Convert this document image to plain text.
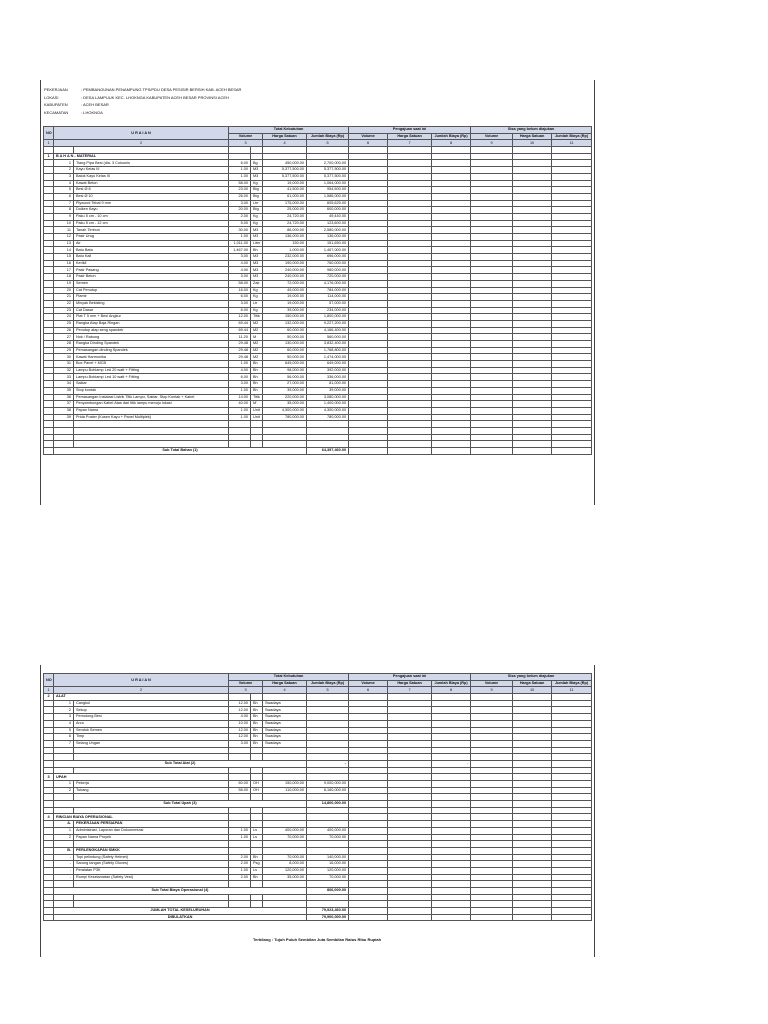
PEKERJAAN	: PEMBANGUNAN PENAMPUNG TPS/PDU DESA PESISIR BERSIH KAB. ACEH BESAR
LOKASI	: DESA LAMPUUK KEC. LHOKNGA KABUPATEN ACEH BESAR PROVINSI ACEH
KABUPATEN	: ACEH BESAR
KECAMATAN	: LHOKNGA
NO	U R A I A N		Total Kebutuhan				Pengajuan saat ini			Sisa yang belum diajukan		
			Volume		Harga Satuan	Jumlah Biaya (Rp)	Volume	Harga Satuan	Jumlah Biaya (Rp)	Volume	Harga Satuan	Jumlah Biaya (Rp)
1	2		3		4	5	6	7	8	9	10	11

1	B A H A N - MATERIAL											
	1	Tiang Pipa Besi (dia. 3 Colounis	6.00	Bg	450,000.00	2,700,000.00						
	2	Kayu Kelas III	1.00	M3	5,377,500.00	5,377,500.00						
	3	Balok Kayu Kelas III	1.00	M3	5,377,500.00	5,377,500.00						
	4	Kawat Beton	58.00	Kg	19,000.00	1,064,000.00						
	5	Besi Ø 8	23.00	Btg	41,500.00	954,500.00						
	6	Besi Ø 10	26.00	Btg	61,000.00	1,586,000.00						
	7	Plywood Tebal 9 mm	3.00	Lbr	175,000.00	605,625.00						
	8	Dolken Kayu	20.00	Btg	25,000.00	600,000.00						
	9	Paku 5 cm - 10 cm	2.00	Kg	24,720.00	49,440.00						
	10	Paku 5 cm - 12 cm	5.00	Kg	24,720.00	123,600.00						
	11	Tanah Timbun	30.00	M3	86,000.00	2,580,000.00						
	12	Pasir Urug	1.00	M3	136,000.00	136,000.00						
	13	Air	1,011.00	Liter	150.00	151,650.00						
	14	Batu Bata	1,467.00	Bh	1,000.00	1,467,000.00						
	15	Batu Kali	3.00	M3	232,000.00	696,000.00						
	16	Kerikil	4.00	M3	190,000.00	760,000.00						
	17	Pasir Pasang	4.00	M3	240,000.00	960,000.00						
	18	Pasir Beton	3.00	M3	240,000.00	720,000.00						
	19	Semen	58.00	Zak	72,000.00	4,176,000.00						
	20	Cat Penutup	16.00	Kg	49,000.00	784,000.00						
	21	Plamir	6.00	Kg	19,000.00	114,000.00						
	22	Minyak Bekisting	3.00	Ltr	19,000.00	57,000.00						
	23	Cat Dasar	6.00	Kg	39,000.00	234,000.00						
	24	Plat T 5 mm + Besi Angkur	12.00	Titik	150,000.00	1,800,000.00						
	25	Rangka Atap Baja Ringan	69.44	M2	132,000.00	9,227,200.00						
	26	Penutup atap seng spandek	69.44	M2	60,000.00	4,166,400.00						
	27	Nok / Rabung	11.20	M	50,000.00	560,000.00						
	28	Rangka Dinding Spandek	29.48	M2	130,000.00	3,832,400.00						
	29	Pemasangan dinding Spandek	29.48	M2	60,000.00	1,768,800.00						
	30	Kawat Harmonika	29.48	M2	50,000.00	1,474,000.00						
	31	Box Panel + MCB	1.00	Bh	649,000.00	649,000.00						
	32	Lampu Bohlamp Led 20 watt + Fitting	4.00	Bh	98,000.00	392,000.00						
	33	Lampu Bohlamp Led 10 watt + Fitting	6.00	Bh	56,000.00	336,000.00						
	34	Saklar	3.00	Bh	27,000.00	81,000.00						
	35	Stop kontak	1.00	Bh	39,000.00	39,000.00						
	36	Pemasangan Instalasi Listrik Titik Lampu, Saklar, Stop Kontak + Kabel	14.00	Titik	220,000.00	3,080,000.00						
	37	Penyambungan Kabel Atas dari titik lampu menuju lokasi	40.00	M'	35,000.00	1,400,000.00						
	38	Papan Nama	1.00	Unit	4,300,000.00	4,300,000.00						
	39	Prida Poster (Kusen Kayu + Panel Multiplek)	1.00	Unit	780,000.00	780,000.00						

	Sub Total Bahan (1)					64,397,460.00						
NO	U R A I A N		Total Kebutuhan				Pengajuan saat ini			Sisa yang belum diajukan		
			Volume		Harga Satuan	Jumlah Biaya (Rp)	Volume	Harga Satuan	Jumlah Biaya (Rp)	Volume	Harga Satuan	Jumlah Biaya (Rp)
1	2		3		4	5	6	7	8	9	10	11
2	ALAT											
	1	Cangkul	12.00	Bh	Swadaya							
	2	Sekop	12.00	Bh	Swadaya							
	3	Pemotong Besi	4.00	Bh	Swadaya							
	4	Arco	10.00	Bh	Swadaya							
	5	Sendok Semen	12.00	Bh	Swadaya							
	6	Timp	12.00	Bh	Swadaya							
	7	Selang Ungan	3.00	Bh	Swadaya							

	Sub Total Alat (2)					-			-			

3	UPAH											
	1	Pekerja	60.00	OH	150,000.00	9,000,000.00						
	2	Tukang	56.00	OH	110,000.00	6,160,000.00						

	Sub Total Upah (3)					14,800,000.00						

4	RINCIAN BIAYA OPERASIONAL											
	A.	PEKERJAAN PERSIAPAN										
	1	Administrasi, Laporan dan Dokumentasi	1.00	Ls	400,000.00	400,000.00						
	2	Papan Nama Proyek	1.00	Ls	70,000.00	70,000.00						

	B.	PERLENGKAPAN SMKK										
	-	Topi pelindung (Safety Helmet)	2.00	Bh	70,000.00	140,000.00						
	-	Sarung tangan (Safety Gloves)	2.00	Psg	8,000.00	16,000.00						
	-	Peralatan P3K	1.00	Ls	120,000.00	120,000.00						
	-	Rompi Keselamatan (Safety Vest)	2.00	Bh	35,000.00	70,000.00						

	Sub Total Biaya Operasional (4)					806,000.00						

	JUMLAH TOTAL KESELURUHAN					79,923,460.00						
	DIBULATKAN					79,900,000.00						
Terbilang : Tujuh Puluh Sembilan Juta Sembilan Ratus Ribu Rupiah
